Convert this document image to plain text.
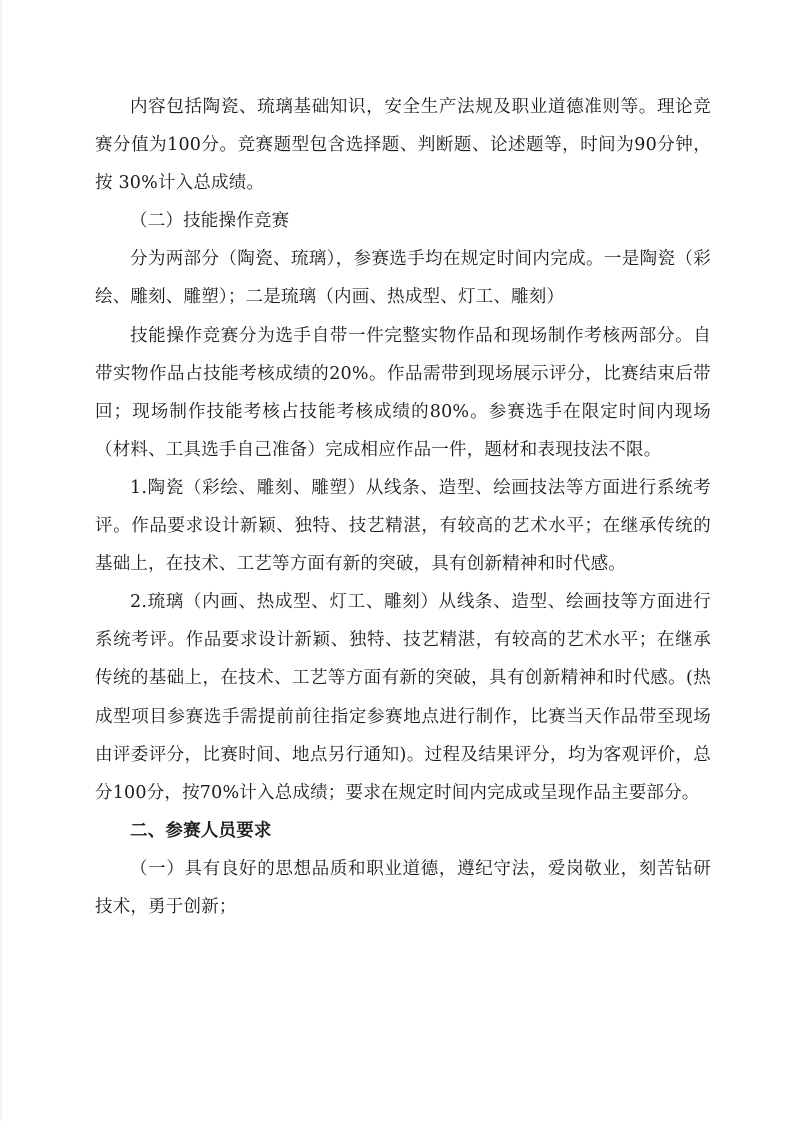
内容包括陶瓷、琉璃基础知识，安全生产法规及职业道德准则等。理论竞赛分值为100分。竞赛题型包含选择题、判断题、论述题等，时间为90分钟，按 30%计入总成绩。

（二）技能操作竞赛

分为两部分（陶瓷、琉璃），参赛选手均在规定时间内完成。一是陶瓷（彩绘、雕刻、雕塑）；二是琉璃（内画、热成型、灯工、雕刻）

技能操作竞赛分为选手自带一件完整实物作品和现场制作考核两部分。自带实物作品占技能考核成绩的20%。作品需带到现场展示评分，比赛结束后带回；现场制作技能考核占技能考核成绩的80%。参赛选手在限定时间内现场（材料、工具选手自己准备）完成相应作品一件，题材和表现技法不限。

1.陶瓷（彩绘、雕刻、雕塑）从线条、造型、绘画技法等方面进行系统考评。作品要求设计新颖、独特、技艺精湛，有较高的艺术水平；在继承传统的基础上，在技术、工艺等方面有新的突破，具有创新精神和时代感。

2.琉璃（内画、热成型、灯工、雕刻）从线条、造型、绘画技等方面进行系统考评。作品要求设计新颖、独特、技艺精湛，有较高的艺术水平；在继承传统的基础上，在技术、工艺等方面有新的突破，具有创新精神和时代感。(热成型项目参赛选手需提前前往指定参赛地点进行制作，比赛当天作品带至现场由评委评分，比赛时间、地点另行通知)。过程及结果评分，均为客观评价，总分100分，按70%计入总成绩；要求在规定时间内完成或呈现作品主要部分。

二、参赛人员要求

（一）具有良好的思想品质和职业道德，遵纪守法，爱岗敬业，刻苦钻研技术，勇于创新；
